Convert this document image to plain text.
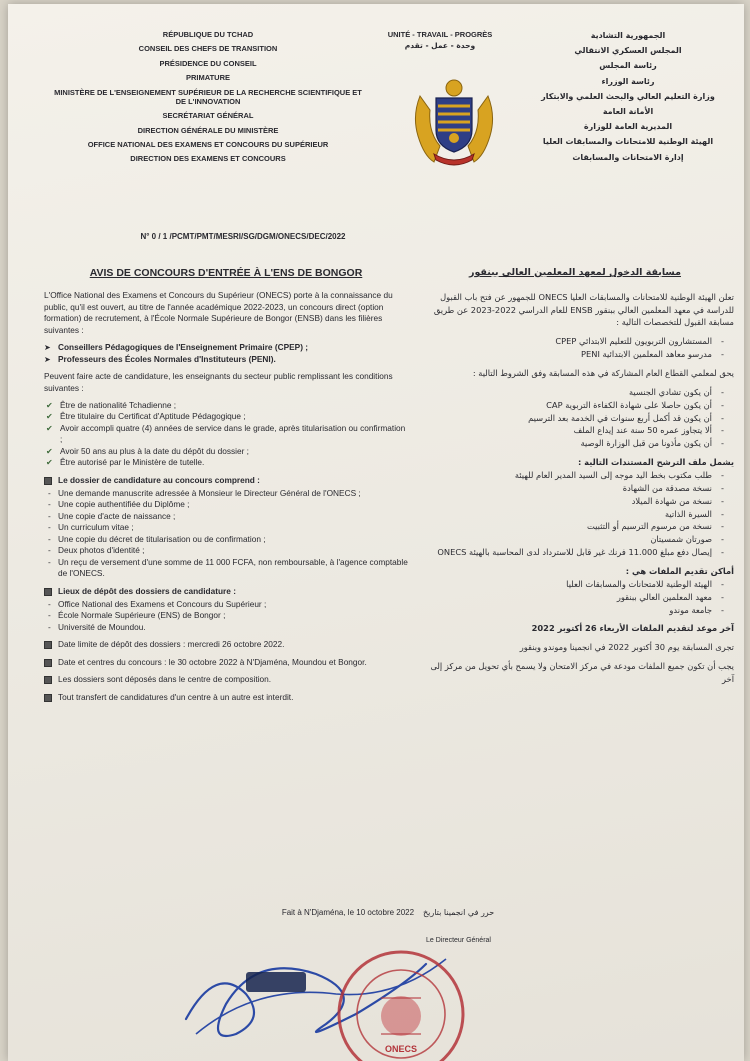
RÉPUBLIQUE DU TCHAD
CONSEIL DES CHEFS DE TRANSITION
PRÉSIDENCE DU CONSEIL
PRIMATURE
MINISTÈRE DE L'ENSEIGNEMENT SUPÉRIEUR DE LA RECHERCHE SCIENTIFIQUE ET DE L'INNOVATION
SECRÉTARIAT GÉNÉRAL
DIRECTION GÉNÉRALE DU MINISTÈRE
OFFICE NATIONAL DES EXAMENS ET CONCOURS DU SUPÉRIEUR
DIRECTION DES EXAMENS ET CONCOURS
UNITÉ - TRAVAIL - PROGRÈS
وحدة - عمل - تقدم
الجمهورية التشادية
المجلس العسكري الانتقالي
رئاسة المجلس
رئاسة الوزراء
وزارة التعليم العالي والبحث العلمي والابتكار
الأمانة العامة
المديرية العامة للوزارة
الهيئة الوطنية للامتحانات والمسابقات العليا
إدارة الامتحانات والمسابقات
N° 0 / 1 /PCMT/PMT/MESRI/SG/DGM/ONECS/DEC/2022
AVIS DE CONCOURS D'ENTRÉE À L'ENS DE BONGOR

L'Office National des Examens et Concours du Supérieur (ONECS) porte à la connaissance du public, qu'il est ouvert, au titre de l'année académique 2022-2023, un concours direct (option formation) de recrutement, à l'École Normale Supérieure de Bongor (ENSB) dans les filières suivantes :

➤ Conseillers Pédagogiques de l'Enseignement Primaire (CPEP) ;
➤ Professeurs des Écoles Normales d'Instituteurs (PENI).

Peuvent faire acte de candidature, les enseignants du secteur public remplissant les conditions suivantes :

✔ Être de nationalité Tchadienne ;
✔ Être titulaire du Certificat d'Aptitude Pédagogique ;
✔ Avoir accompli quatre (4) années de service dans le grade, après titularisation ou confirmation ;
✔ Avoir 50 ans au plus à la date du dépôt du dossier ;
✔ Être autorisé par le Ministère de tutelle.
Le dossier de candidature au concours comprend :
- Une demande manuscrite adressée à Monsieur le Directeur Général de l'ONECS ;
- Une copie authentifiée du Diplôme ;
- Une copie d'acte de naissance ;
- Un curriculum vitae ;
- Une copie du décret de titularisation ou de confirmation ;
- Deux photos d'identité ;
- Un reçu de versement d'une somme de 11 000 FCFA, non remboursable, à l'agence comptable de l'ONECS.
Lieux de dépôt des dossiers de candidature :
- Office National des Examens et Concours du Supérieur ;
- École Normale Supérieure (ENS) de Bongor ;
- Université de Moundou.
Date limite de dépôt des dossiers : mercredi 26 octobre 2022.
Date et centres du concours : le 30 octobre 2022 à N'Djaména, Moundou et Bongor.
Les dossiers sont déposés dans le centre de composition.
Tout transfert de candidatures d'un centre à un autre est interdit.
مسابقة الدخول لمعهد المعلمين العالي ببنقور

تعلن الهيئة الوطنية للامتحانات والمسابقات العليا ONECS للجمهور عن فتح باب القبول للدراسة في معهد المعلمين العالي ببنقور ENSB للعام الدراسي 2022-2023 عن طريق مسابقة القبول للتخصصات التالية :

- المستشارون التربويون للتعليم الابتدائي CPEP
- مدرسو معاهد المعلمين الابتدائية PENI

يحق لمعلمي القطاع العام المشاركة في هذه المسابقة وفق الشروط التالية :

- أن يكون تشادي الجنسية
- أن يكون حاصلا على شهادة الكفاءة التربوية CAP
- أن يكون قد أكمل أربع سنوات في الخدمة بعد الترسيم
- ألا يتجاوز عمره 50 سنة عند إيداع الملف
- أن يكون مأذونا من قبل الوزارة الوصية
يشمل ملف الترشح المستندات التالية :
- طلب مكتوب بخط اليد موجه إلى السيد المدير العام للهيئة
- نسخة مصدقة من الشهادة
- نسخة من شهادة الميلاد
- السيرة الذاتية
- نسخة من مرسوم الترسيم أو التثبيت
- صورتان شمسيتان
- إيصال دفع مبلغ 11.000 فرنك غير قابل للاسترداد لدى المحاسبة بالهيئة ONECS
أماكن تقديم الملفات هي :
- الهيئة الوطنية للامتحانات والمسابقات العليا
- معهد المعلمين العالي ببنقور
- جامعة موندو

آخر موعد لتقديم الملفات الأربعاء 26 أكتوبر 2022

تجرى المسابقة يوم 30 أكتوبر 2022 في انجمينا وموندو وبنقور

يجب أن تكون جميع الملفات مودعة في مركز الامتحان ولا يسمح بأي تحويل من مركز إلى آخر

Fait à N'Djaména, le 10 octobre 2022 حرر في انجمينا بتاريخ
Le Directeur Général
ONECS
